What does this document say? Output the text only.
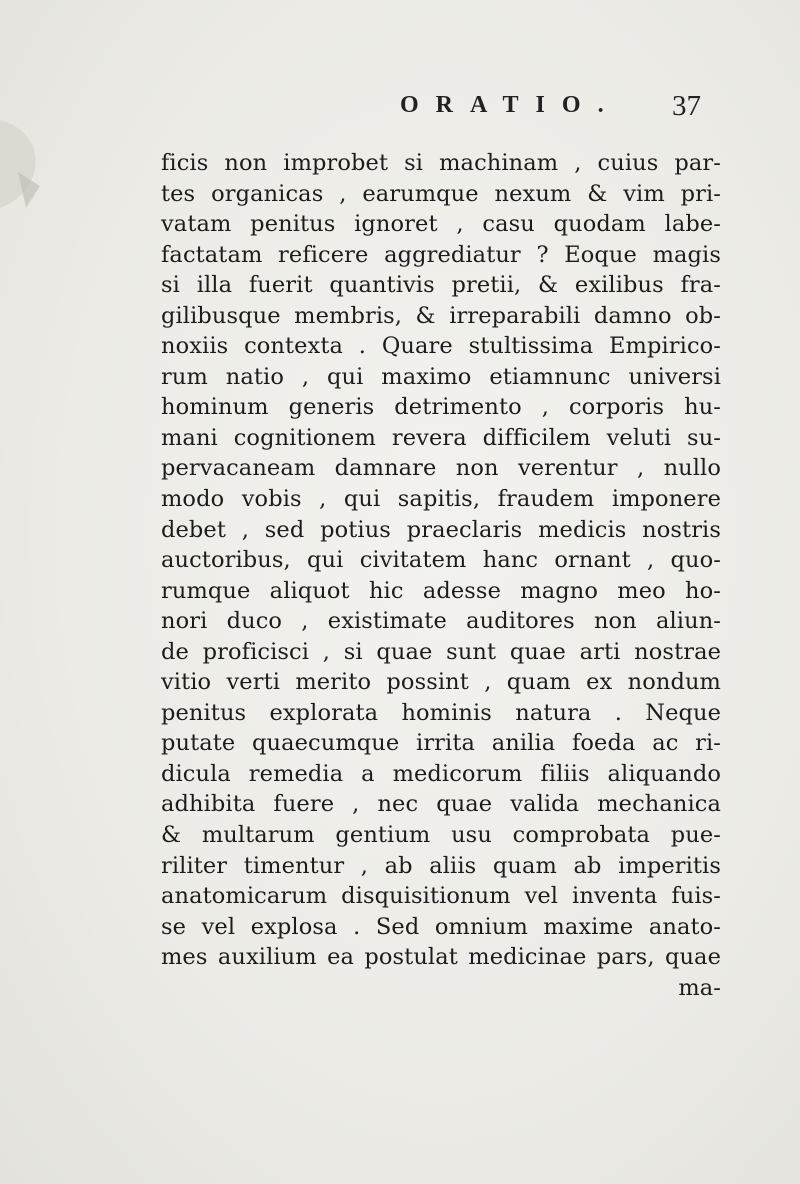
ORATIO. 37
ficis non improbet si machinam , cuius par-
tes organicas , earumque nexum & vim pri-
vatam penitus ignoret , casu quodam labe-
factatam reficere aggrediatur ? Eoque magis
si illa fuerit quantivis pretii, & exilibus fra-
gilibusque membris, & irreparabili damno ob-
noxiis contexta . Quare stultissima Empirico-
rum natio , qui maximo etiamnunc universi
hominum generis detrimento , corporis hu-
mani cognitionem revera difficilem veluti su-
pervacaneam damnare non verentur , nullo
modo vobis , qui sapitis, fraudem imponere
debet , sed potius praeclaris medicis nostris
auctoribus, qui civitatem hanc ornant , quo-
rumque aliquot hic adesse magno meo ho-
nori duco , existimate auditores non aliun-
de proficisci , si quae sunt quae arti nostrae
vitio verti merito possint , quam ex nondum
penitus explorata hominis natura . Neque
putate quaecumque irrita anilia foeda ac ri-
dicula remedia a medicorum filiis aliquando
adhibita fuere , nec quae valida mechanica
& multarum gentium usu comprobata pue-
riliter timentur , ab aliis quam ab imperitis
anatomicarum disquisitionum vel inventa fuis-
se vel explosa . Sed omnium maxime anato-
mes auxilium ea postulat medicinae pars, quae
ma-
